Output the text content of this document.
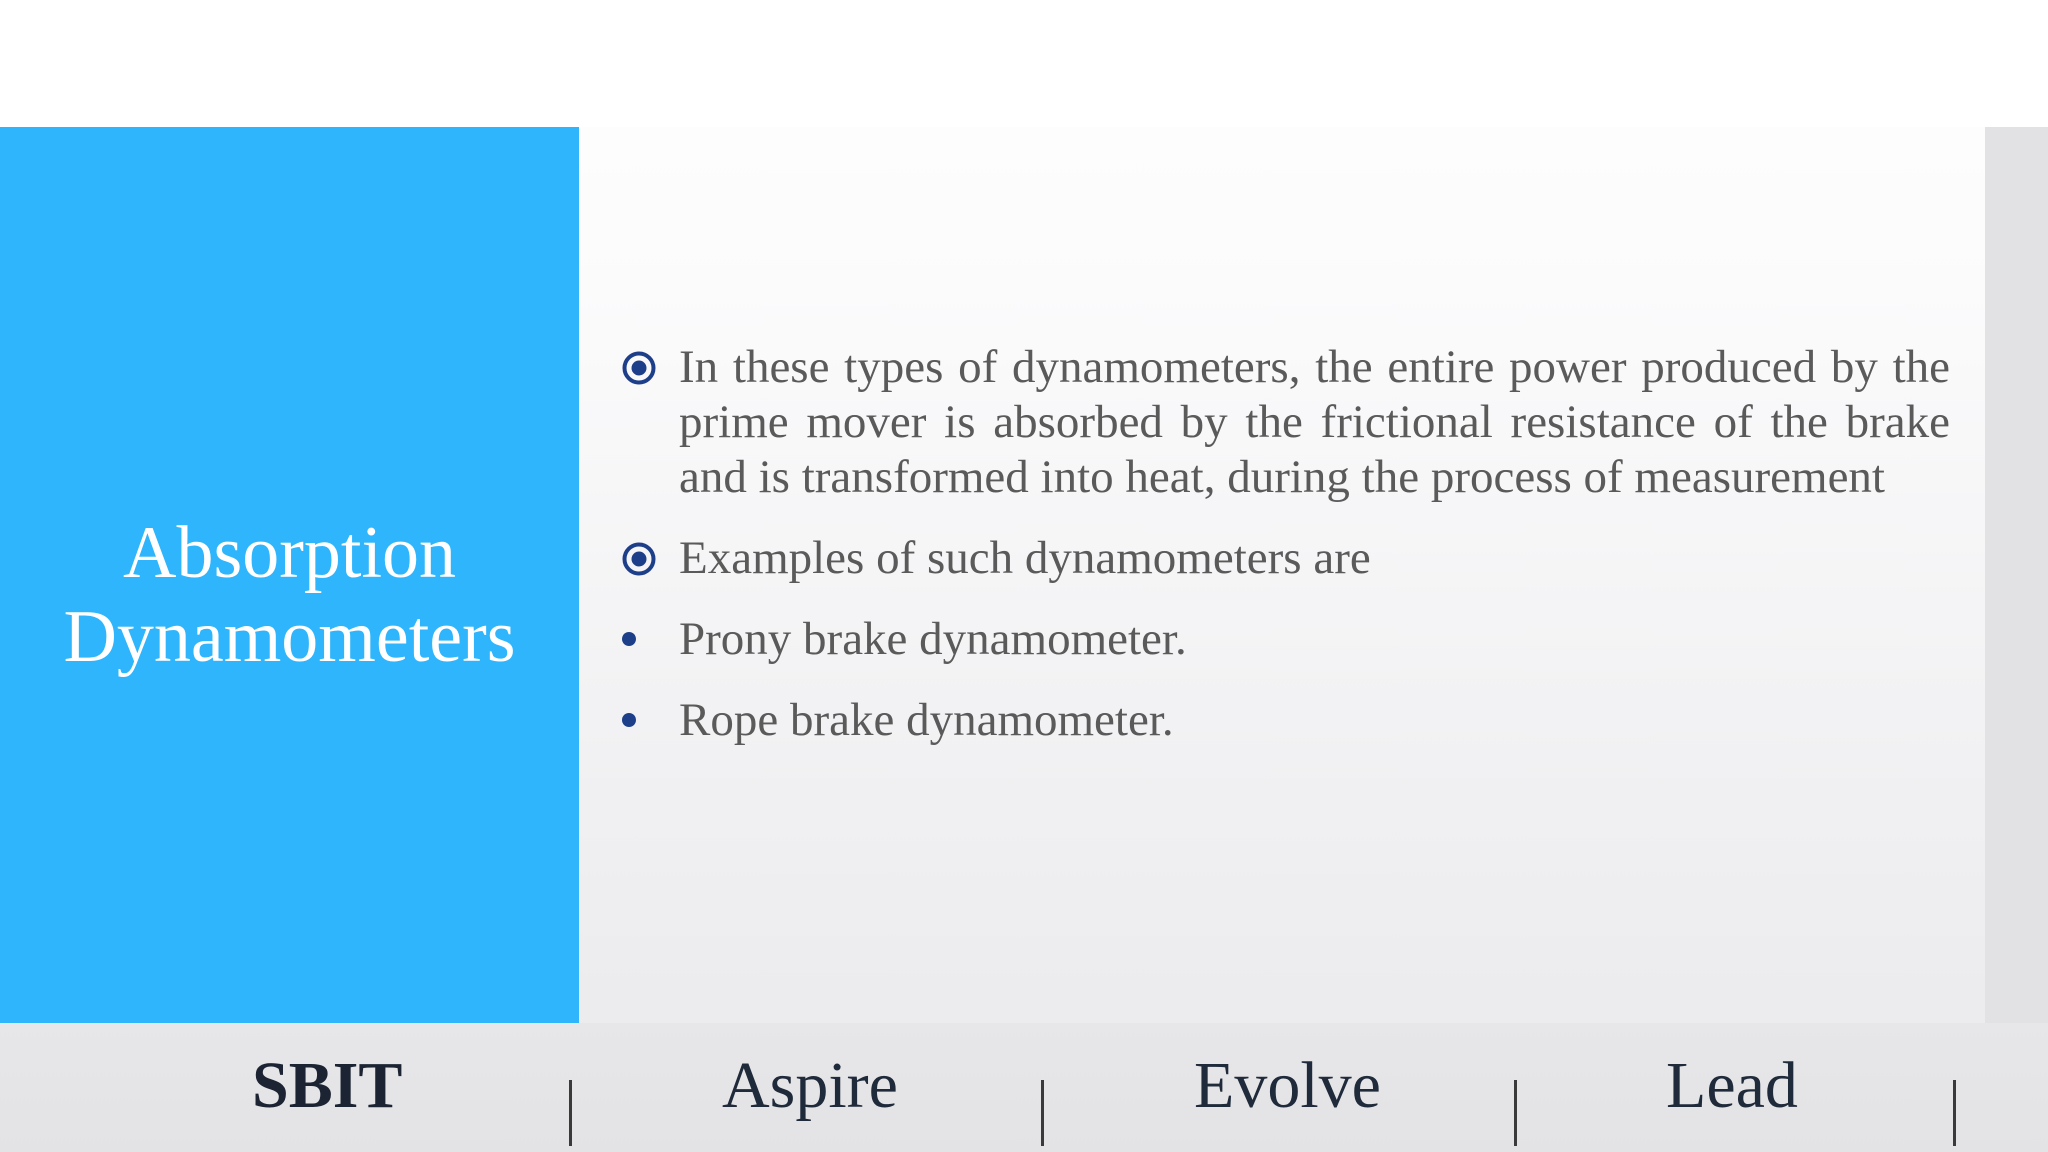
Absorption
Dynamometers
In these types of dynamometers, the entire power produced by the prime mover is absorbed by the frictional resistance of the brake and is transformed into heat, during the process of measurement
Examples of such dynamometers are
Prony brake dynamometer.
Rope brake dynamometer.
SBIT	Aspire	Evolve	Lead
